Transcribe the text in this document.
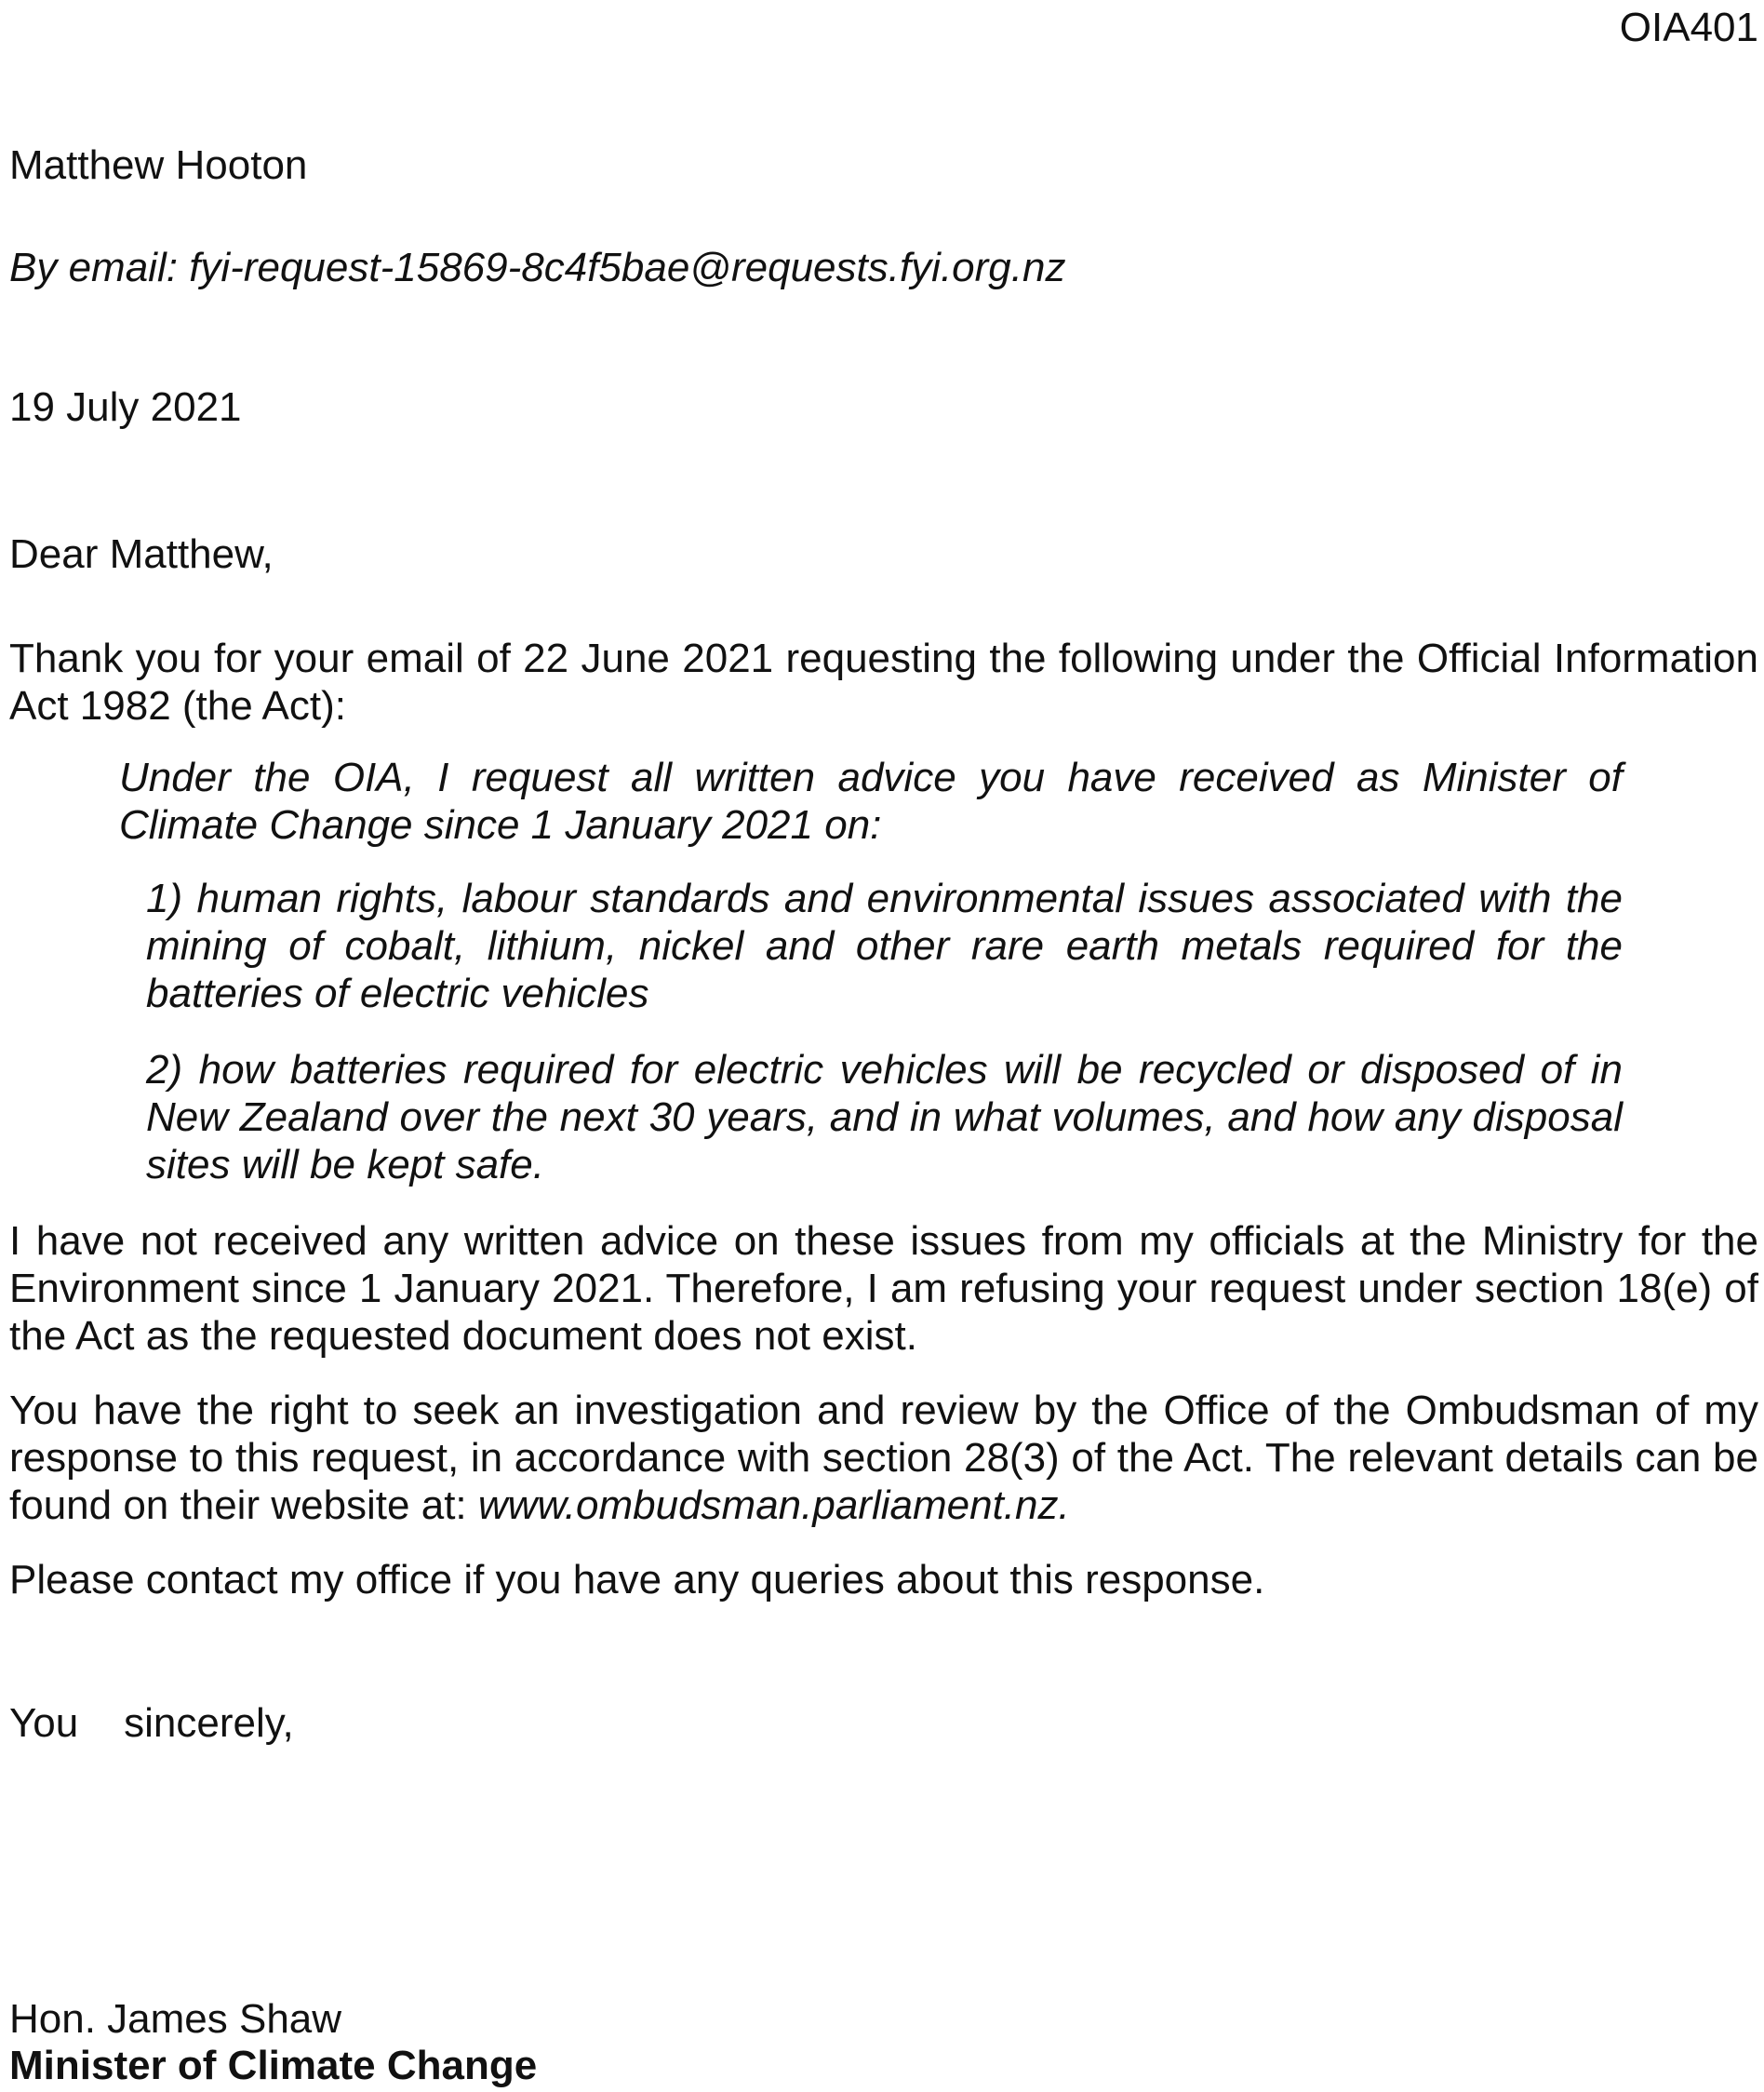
OIA401

Matthew Hooton

By email: fyi-request-15869-8c4f5bae@requests.fyi.org.nz

19 July 2021

Dear Matthew,

Thank you for your email of 22 June 2021 requesting the following under the Official Information Act 1982 (the Act):

Under the OIA, I request all written advice you have received as Minister of Climate Change since 1 January 2021 on:

1) human rights, labour standards and environmental issues associated with the mining of cobalt, lithium, nickel and other rare earth metals required for the batteries of electric vehicles

2) how batteries required for electric vehicles will be recycled or disposed of in New Zealand over the next 30 years, and in what volumes, and how any disposal sites will be kept safe.

I have not received any written advice on these issues from my officials at the Ministry for the Environment since 1 January 2021. Therefore, I am refusing your request under section 18(e) of the Act as the requested document does not exist.

You have the right to seek an investigation and review by the Office of the Ombudsman of my response to this request, in accordance with section 28(3) of the Act. The relevant details can be found on their website at: www.ombudsman.parliament.nz.

Please contact my office if you have any queries about this response.

You    sincerely,

Hon. James Shaw

Minister of Climate Change
